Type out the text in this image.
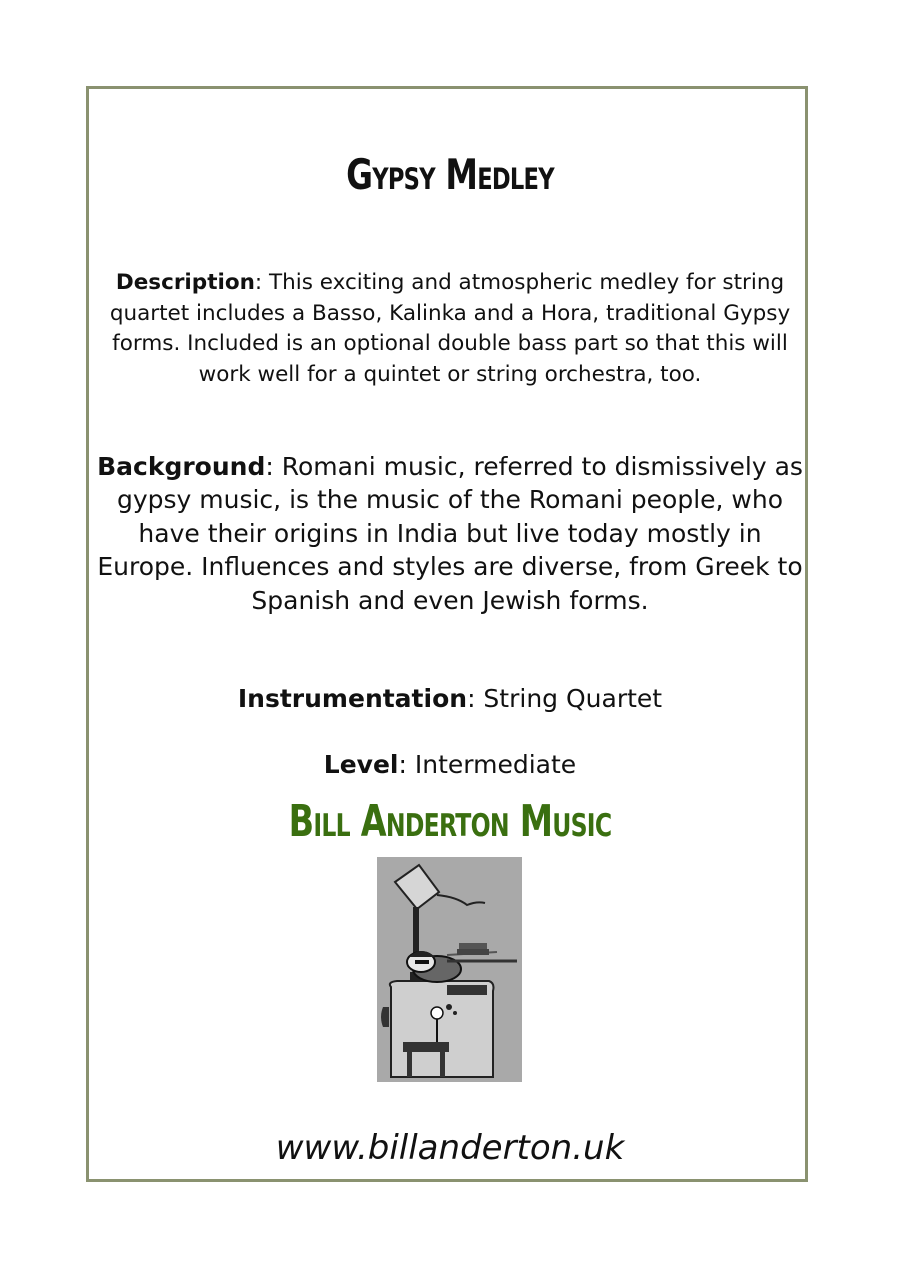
Gypsy Medley
Description: This exciting and atmospheric medley for string quartet includes a Basso, Kalinka and a Hora, traditional Gypsy forms. Included is an optional double bass part so that this will work well for a quintet or string orchestra, too.
Background: Romani music, referred to dismissively as gypsy music, is the music of the Romani people, who have their origins in India but live today mostly in Europe. Influences and styles are diverse, from Greek to Spanish and even Jewish forms.
Instrumentation: String Quartet
Level: Intermediate
Bill Anderton Music
www.billanderton.uk
